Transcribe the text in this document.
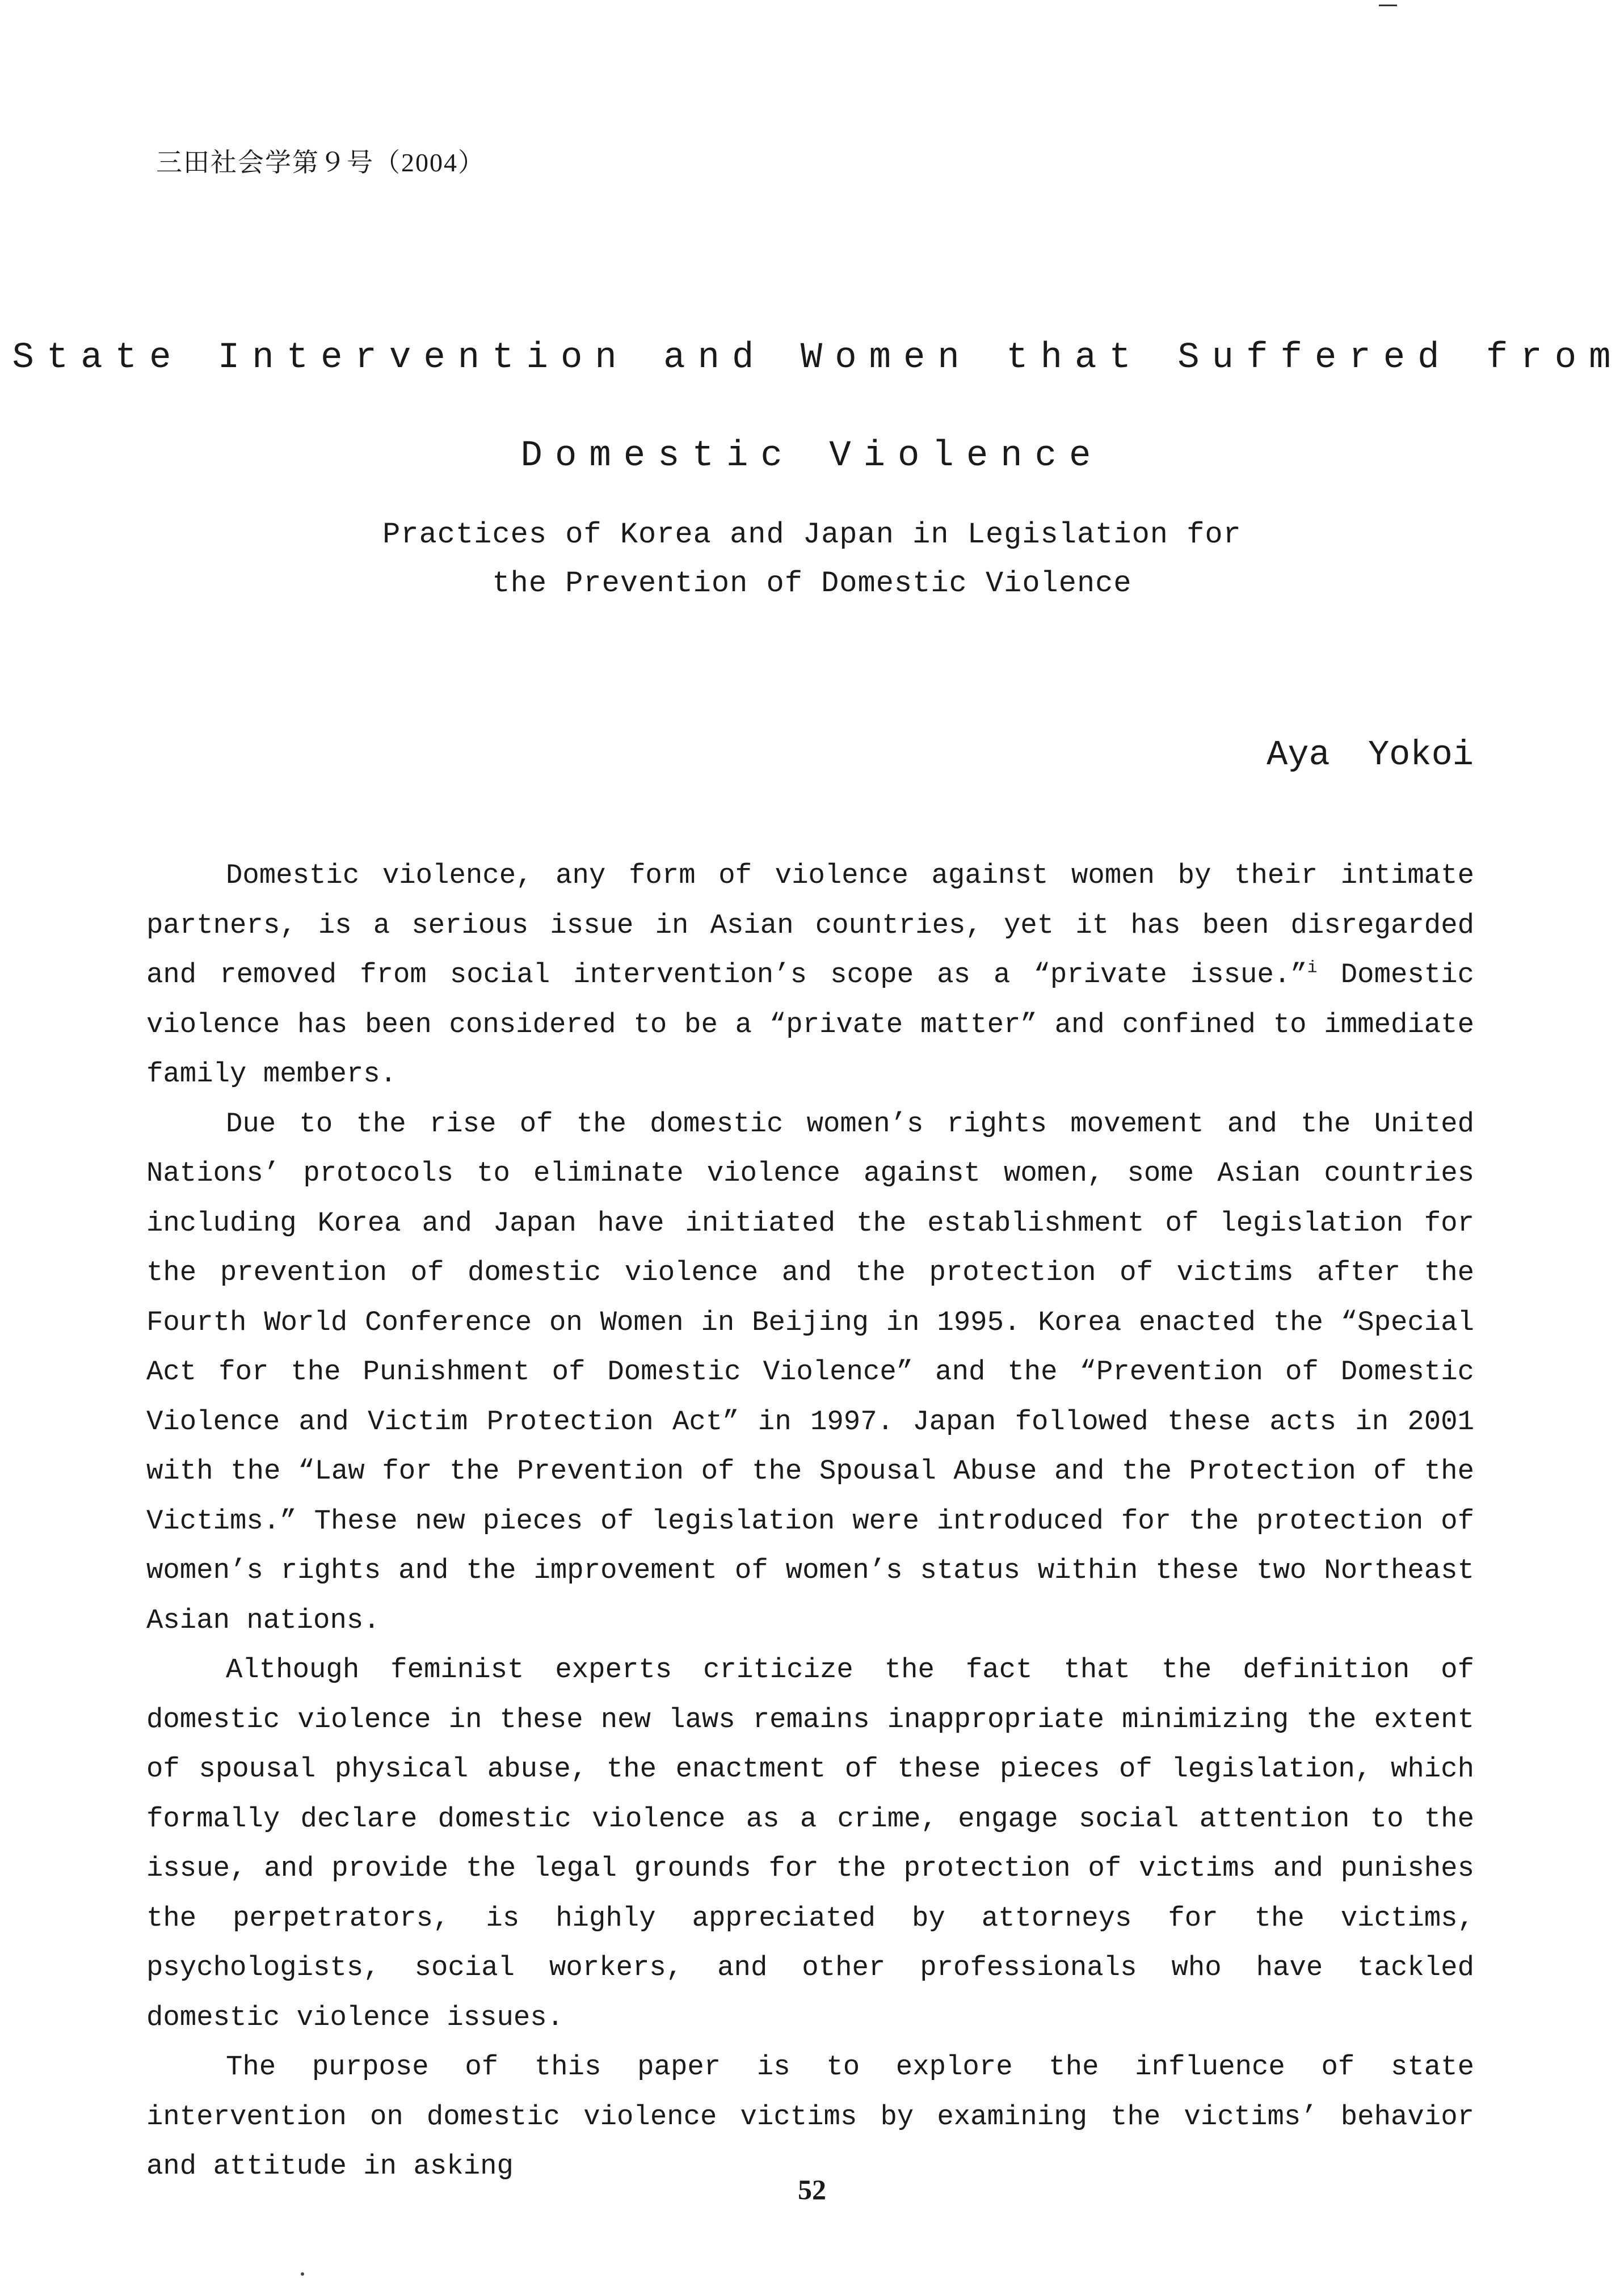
三田社会学第９号（2004）
State Intervention and Women that Suffered from
Domestic Violence
Practices of Korea and Japan in Legislation for
the Prevention of Domestic Violence
Aya Yokoi

Domestic violence, any form of violence against women by their intimate partners, is a serious issue in Asian countries, yet it has been disregarded and removed from social intervention’s scope as a “private issue.”$^i$ Domestic violence has been considered to be a “private matter” and confined to immediate family members.

Due to the rise of the domestic women’s rights movement and the United Nations’ protocols to eliminate violence against women, some Asian countries including Korea and Japan have initiated the establishment of legislation for the prevention of domestic violence and the protection of victims after the Fourth World Conference on Women in Beijing in 1995. Korea enacted the “Special Act for the Punishment of Domestic Violence” and the “Prevention of Domestic Violence and Victim Protection Act” in 1997. Japan followed these acts in 2001 with the “Law for the Prevention of the Spousal Abuse and the Protection of the Victims.” These new pieces of legislation were introduced for the protection of women’s rights and the improvement of women’s status within these two Northeast Asian nations.

Although feminist experts criticize the fact that the definition of domestic violence in these new laws remains inappropriate minimizing the extent of spousal physical abuse, the enactment of these pieces of legislation, which formally declare domestic violence as a crime, engage social attention to the issue, and provide the legal grounds for the protection of victims and punishes the perpetrators, is highly appreciated by attorneys for the victims, psychologists, social workers, and other professionals who have tackled domestic violence issues.

The purpose of this paper is to explore the influence of state intervention on domestic violence victims by examining the victims’ behavior and attitude in asking

52
